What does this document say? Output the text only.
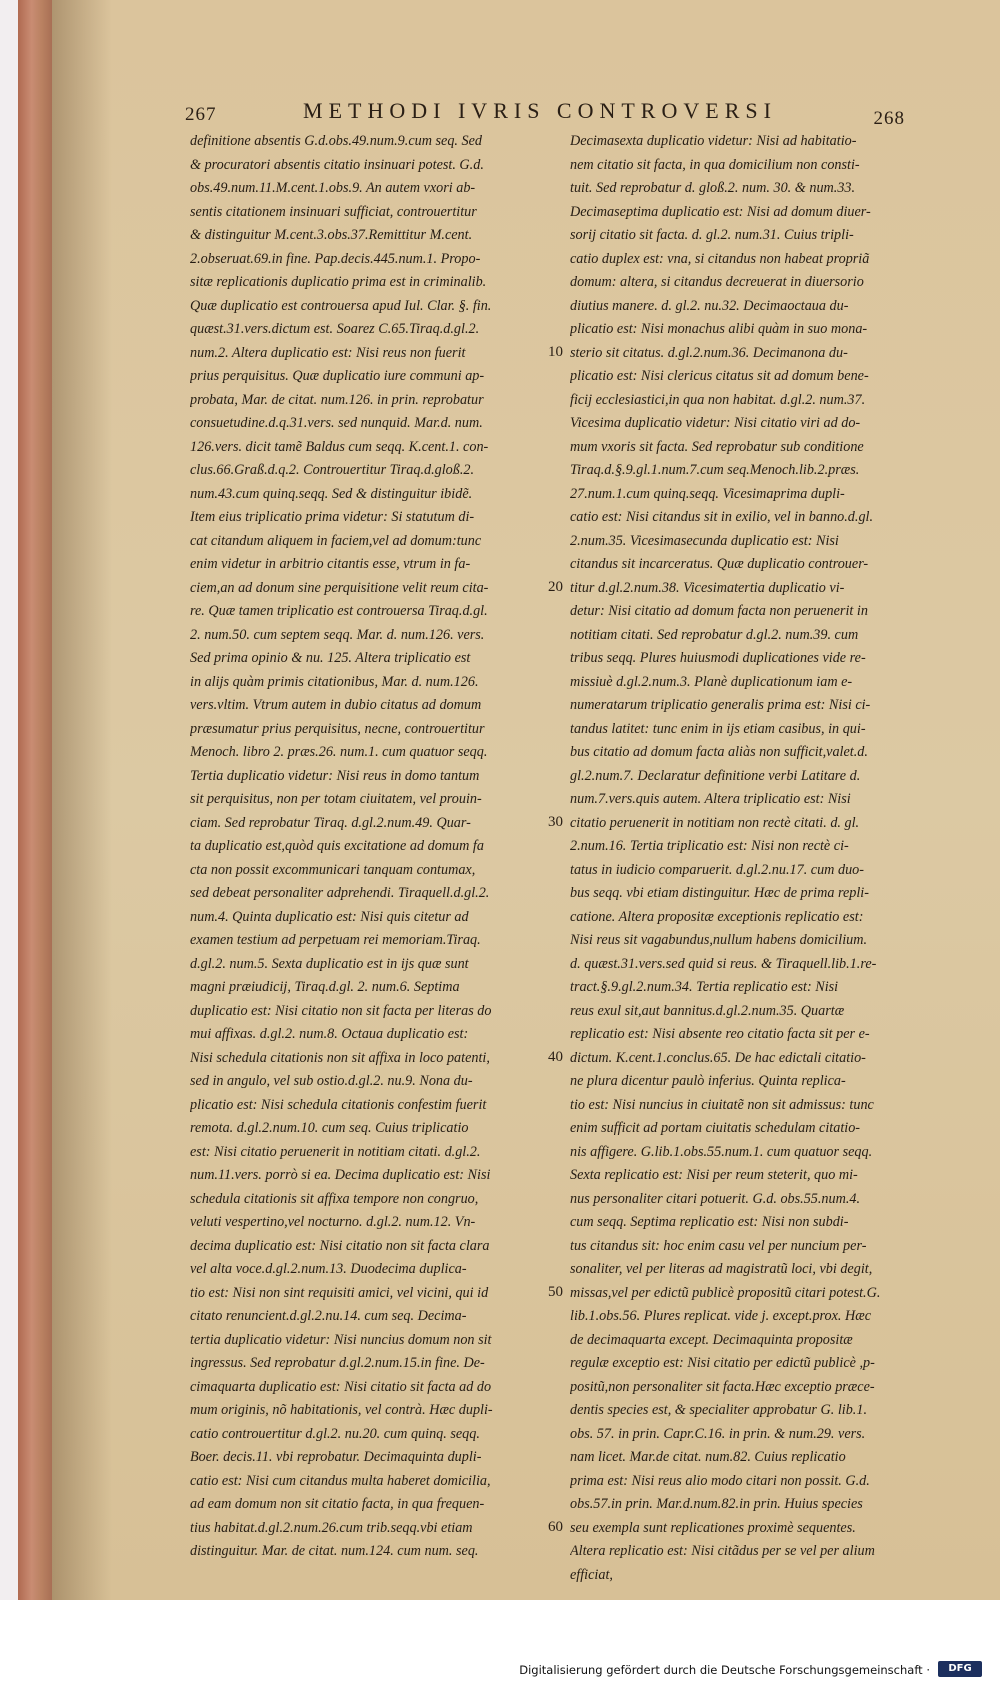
267	METHODI IVRIS CONTROVERSI	268
definitione absentis G.d.obs.49.num.9.cum seq. Sed
& procuratori absentis citatio insinuari potest. G.d.
obs.49.num.11.M.cent.1.obs.9. An autem vxori ab-
sentis citationem insinuari sufficiat, controuertitur
& distinguitur M.cent.3.obs.37.Remittitur M.cent.
2.obseruat.69.in fine. Pap.decis.445.num.1. Propo-
sitæ replicationis duplicatio prima est in criminalib.
Quæ duplicatio est controuersa apud Iul. Clar. §. fin.
quæst.31.vers.dictum est. Soarez C.65.Tiraq.d.gl.2.
num.2. Altera duplicatio est: Nisi reus non fuerit
prius perquisitus. Quæ duplicatio iure communi ap-
probata, Mar. de citat. num.126. in prin. reprobatur
consuetudine.d.q.31.vers. sed nunquid. Mar.d. num.
126.vers. dicit tamẽ Baldus cum seqq. K.cent.1. con-
clus.66.Graß.d.q.2. Controuertitur Tiraq.d.gloß.2.
num.43.cum quinq.seqq. Sed & distinguitur ibidẽ.
Item eius triplicatio prima videtur: Si statutum di-
cat citandum aliquem in faciem,vel ad domum:tunc
enim videtur in arbitrio citantis esse, vtrum in fa-
ciem,an ad donum sine perquisitione velit reum cita-
re. Quæ tamen triplicatio est controuersa Tiraq.d.gl.
2. num.50. cum septem seqq. Mar. d. num.126. vers.
Sed prima opinio & nu. 125. Altera triplicatio est
in alijs quàm primis citationibus, Mar. d. num.126.
vers.vltim. Vtrum autem in dubio citatus ad domum
præsumatur prius perquisitus, necne, controuertitur
Menoch. libro 2. præs.26. num.1. cum quatuor seqq.
Tertia duplicatio videtur: Nisi reus in domo tantum
sit perquisitus, non per totam ciuitatem, vel prouin-
ciam. Sed reprobatur Tiraq. d.gl.2.num.49. Quar-
ta duplicatio est,quòd quis excitatione ad domum fa
cta non possit excommunicari tanquam contumax,
sed debeat personaliter adprehendi. Tiraquell.d.gl.2.
num.4. Quinta duplicatio est: Nisi quis citetur ad
examen testium ad perpetuam rei memoriam.Tiraq.
d.gl.2. num.5. Sexta duplicatio est in ijs quæ sunt
magni præiudicij, Tiraq.d.gl. 2. num.6. Septima
duplicatio est: Nisi citatio non sit facta per literas do
mui affixas. d.gl.2. num.8. Octaua duplicatio est:
Nisi schedula citationis non sit affixa in loco patenti,
sed in angulo, vel sub ostio.d.gl.2. nu.9. Nona du-
plicatio est: Nisi schedula citationis confestim fuerit
remota. d.gl.2.num.10. cum seq. Cuius triplicatio
est: Nisi citatio peruenerit in notitiam citati. d.gl.2.
num.11.vers. porrò si ea. Decima duplicatio est: Nisi
schedula citationis sit affixa tempore non congruo,
veluti vespertino,vel nocturno. d.gl.2. num.12. Vn-
decima duplicatio est: Nisi citatio non sit facta clara
vel alta voce.d.gl.2.num.13. Duodecima duplica-
tio est: Nisi non sint requisiti amici, vel vicini, qui id
citato renuncient.d.gl.2.nu.14. cum seq. Decima-
tertia duplicatio videtur: Nisi nuncius domum non sit
ingressus. Sed reprobatur d.gl.2.num.15.in fine. De-
cimaquarta duplicatio est: Nisi citatio sit facta ad do
mum originis, nõ habitationis, vel contrà. Hæc dupli-
catio controuertitur d.gl.2. nu.20. cum quinq. seqq.
Boer. decis.11. vbi reprobatur. Decimaquinta dupli-
catio est: Nisi cum citandus multa haberet domicilia,
ad eam domum non sit citatio facta, in qua frequen-
tius habitat.d.gl.2.num.26.cum trib.seqq.vbi etiam
distinguitur. Mar. de citat. num.124. cum num. seq.
Decimasexta duplicatio videtur: Nisi ad habitatio-
nem citatio sit facta, in qua domicilium non consti-
tuit. Sed reprobatur d. gloß.2. num. 30. & num.33.
Decimaseptima duplicatio est: Nisi ad domum diuer-
sorij citatio sit facta. d. gl.2. num.31. Cuius tripli-
catio duplex est: vna, si citandus non habeat propriã
domum: altera, si citandus decreuerat in diuersorio
diutius manere. d. gl.2. nu.32. Decimaoctaua du-
plicatio est: Nisi monachus alibi quàm in suo mona-
sterio sit citatus. d.gl.2.num.36. Decimanona du-
plicatio est: Nisi clericus citatus sit ad domum bene-
ficij ecclesiastici,in qua non habitat. d.gl.2. num.37.
Vicesima duplicatio videtur: Nisi citatio viri ad do-
mum vxoris sit facta. Sed reprobatur sub conditione
Tiraq.d.§.9.gl.1.num.7.cum seq.Menoch.lib.2.præs.
27.num.1.cum quinq.seqq. Vicesimaprima dupli-
catio est: Nisi citandus sit in exilio, vel in banno.d.gl.
2.num.35. Vicesimasecunda duplicatio est: Nisi
citandus sit incarceratus. Quæ duplicatio controuer-
titur d.gl.2.num.38. Vicesimatertia duplicatio vi-
detur: Nisi citatio ad domum facta non peruenerit in
notitiam citati. Sed reprobatur d.gl.2. num.39. cum
tribus seqq. Plures huiusmodi duplicationes vide re-
missiuè d.gl.2.num.3. Planè duplicationum iam e-
numeratarum triplicatio generalis prima est: Nisi ci-
tandus latitet: tunc enim in ijs etiam casibus, in qui-
bus citatio ad domum facta aliàs non sufficit,valet.d.
gl.2.num.7. Declaratur definitione verbi Latitare d.
num.7.vers.quis autem. Altera triplicatio est: Nisi
citatio peruenerit in notitiam non rectè citati. d. gl.
2.num.16. Tertia triplicatio est: Nisi non rectè ci-
tatus in iudicio comparuerit. d.gl.2.nu.17. cum duo-
bus seqq. vbi etiam distinguitur. Hæc de prima repli-
catione. Altera propositæ exceptionis replicatio est:
Nisi reus sit vagabundus,nullum habens domicilium.
d. quæst.31.vers.sed quid si reus. & Tiraquell.lib.1.re-
tract.§.9.gl.2.num.34. Tertia replicatio est: Nisi
reus exul sit,aut bannitus.d.gl.2.num.35. Quartæ
replicatio est: Nisi absente reo citatio facta sit per e-
dictum. K.cent.1.conclus.65. De hac edictali citatio-
ne plura dicentur paulò inferius. Quinta replica-
tio est: Nisi nuncius in ciuitatẽ non sit admissus: tunc
enim sufficit ad portam ciuitatis schedulam citatio-
nis affigere. G.lib.1.obs.55.num.1. cum quatuor seqq.
Sexta replicatio est: Nisi per reum steterit, quo mi-
nus personaliter citari potuerit. G.d. obs.55.num.4.
cum seqq. Septima replicatio est: Nisi non subdi-
tus citandus sit: hoc enim casu vel per nuncium per-
sonaliter, vel per literas ad magistratũ loci, vbi degit,
missas,vel per edictũ publicè propositũ citari potest.G.
lib.1.obs.56. Plures replicat. vide j. except.prox. Hæc
de decimaquarta except. Decimaquinta propositæ
regulæ exceptio est: Nisi citatio per edictũ publicè ,p-
positũ,non personaliter sit facta.Hæc exceptio præce-
dentis species est, & specialiter approbatur G. lib.1.
obs. 57. in prin. Capr.C.16. in prin. & num.29. vers.
nam licet. Mar.de citat. num.82. Cuius replicatio
prima est: Nisi reus alio modo citari non possit. G.d.
obs.57.in prin. Mar.d.num.82.in prin. Huius species
seu exempla sunt replicationes proximè sequentes.
Altera replicatio est: Nisi citãdus per se vel per alium
efficiat,
10
20
30
40
50
60
Digitalisierung gefördert durch die Deutsche Forschungsgemeinschaft ·	DFG
